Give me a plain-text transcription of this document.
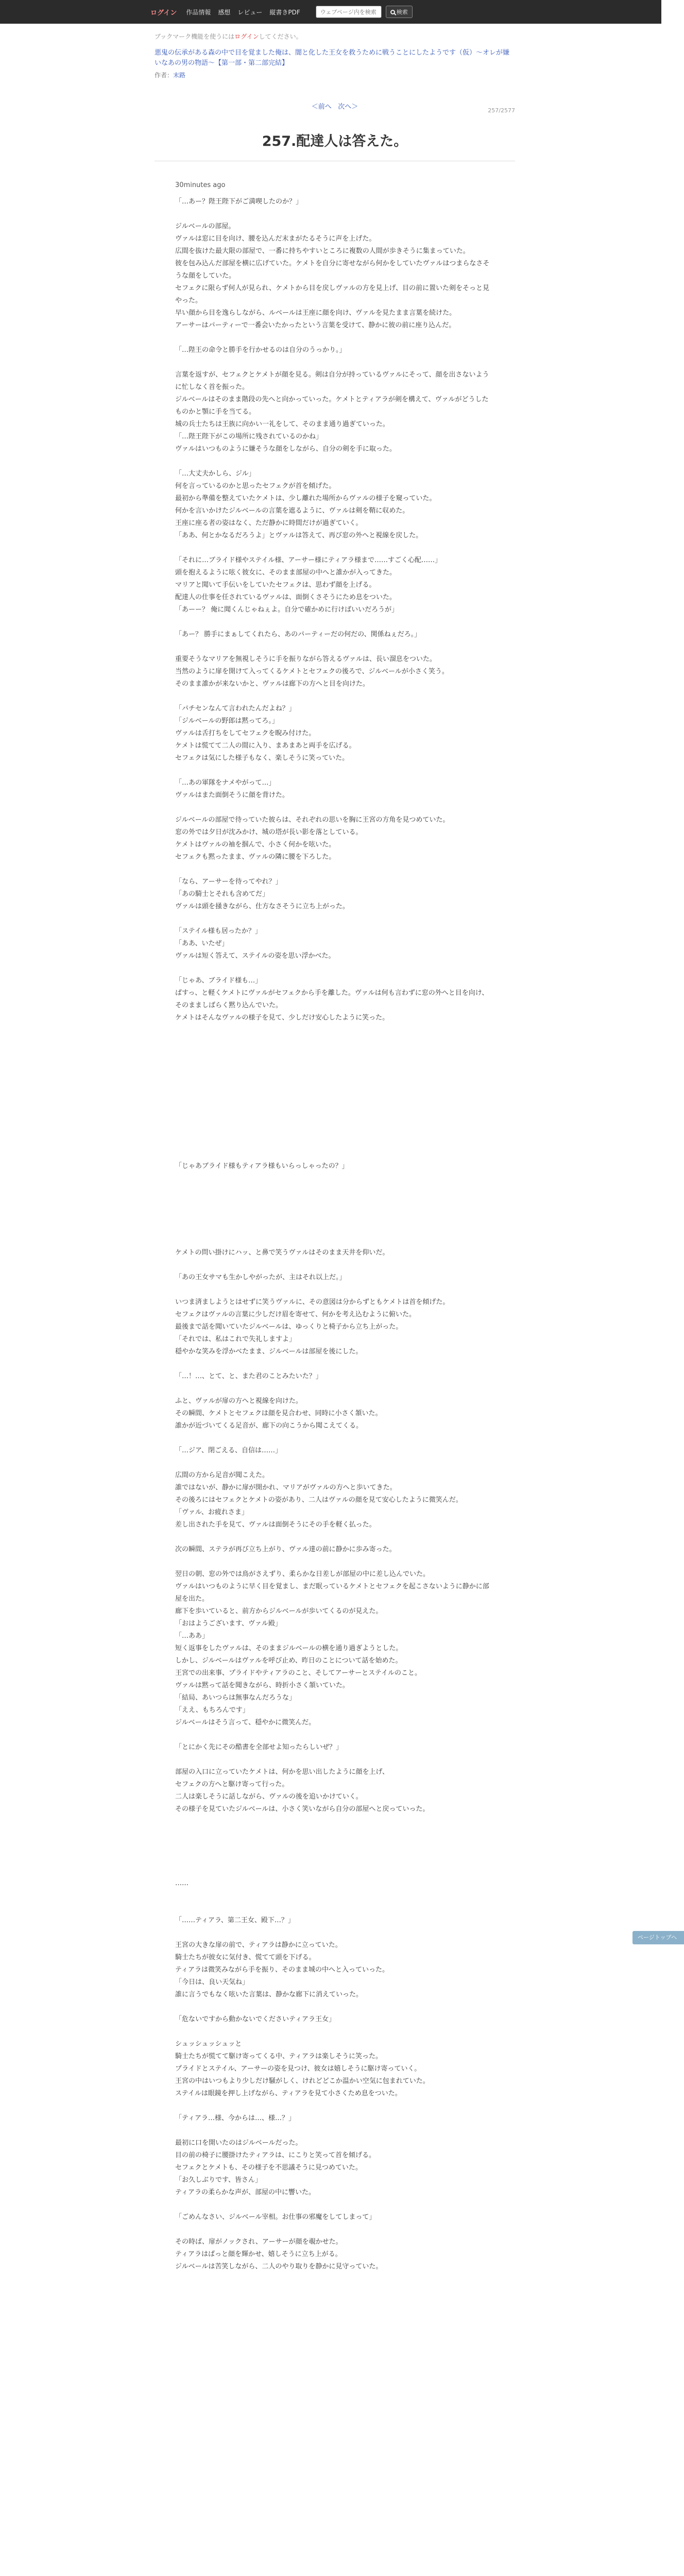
ログイン 作品情報 感想 レビュー 縦書きPDF
ウェブページ内を検索	検索

ブックマーク機能を使うにはログインしてください。

悪鬼の伝承がある森の中で目を覚ました俺は、闇と化した王女を救うために戦うことにしたようです（仮）〜オレが嫌いなあの男の物語〜【第一部・第二部完結】

作者：末路

＜前へ 次へ＞	257/2577
257.配達人は答えた。
30minutes ago

「…あー？陛王陛下がご満喫したのか？」

ジルベールの部屋。
ヴァルは窓に目を向け、腰を込んだ末まがたるそうに声を上げた。
広間を抜けた最大限の部屋で、一番に持ちやすいところに複数の人間が歩きそうに集まっていた。
彼を包み込んだ部屋を横に広げていた。ケメトを自分に寄せながら何かをしていたヴァルはつまらなさそうな顔をしていた。
セフェクに限らず何人が見られ、ケメトから目を戻しヴァルの方を見上げ、目の前に置いた剣をそっと見やった。
早い顔から目を逸らしながら、ルベールは王座に顔を向け、ヴァルを見たまま言葉を続けた。
アーサーはパーティーで一番会いたかったという言葉を受けて、静かに彼の前に座り込んだ。

「…陛王の命令と勝手を行かせるのは自分のうっかり。」

言葉を返すが、セフェクとケメトが顔を見る。剣は自分が持っているヴァルにそって、顔を出さないように忙しなく首を振った。
ジルベールはそのまま階段の先へと向かっていった。ケメトとティアラが剣を構えて、ヴァルがどうしたものかと顎に手を当てる。
城の兵士たちは王族に向かい一礼をして、そのまま通り過ぎていった。
「…陛王陛下がこの場所に残されているのかね」
ヴァルはいつものように嫌そうな顔をしながら、自分の剣を手に取った。

「…大丈夫かしら、ジル」
何を言っているのかと思ったセフェクが首を傾げた。
最初から準備を整えていたケメトは、少し離れた場所からヴァルの様子を窺っていた。
何かを言いかけたジルベールの言葉を遮るように、ヴァルは剣を鞘に収めた。
王座に座る者の姿はなく、ただ静かに時間だけが過ぎていく。
「ああ、何とかなるだろうよ」とヴァルは答えて、再び窓の外へと視線を戻した。

「それに…ブライド様やステイル様、アーサー様にティアラ様まで……すごく心配……」
頭を抱えるように呟く彼女に、そのまま部屋の中へと誰かが入ってきた。
マリアと聞いて手伝いをしていたセフェクは、思わず顔を上げる。
配達人の仕事を任されているヴァルは、面倒くさそうにため息をついた。
「あーー？ 俺に聞くんじゃねぇよ。自分で確かめに行けばいいだろうが」

「あー？ 勝手にまぁしてくれたら、あのパーティーだの何だの、関係ねぇだろ。」

重要そうなマリアを無視しそうに手を振りながら答えるヴァルは、長い溜息をついた。
当然のように扉を開けて入ってくるケメトとセフェクの後ろで、ジルベールが小さく笑う。
そのまま誰かが来ないかと、ヴァルは廊下の方へと目を向けた。

「パチセンなんて言われたんだよね？」
「ジルベールの野郎は黙ってろ。」
ヴァルは舌打ちをしてセフェクを睨み付けた。
ケメトは慌てて二人の間に入り、まあまあと両手を広げる。
セフェクは気にした様子もなく、楽しそうに笑っていた。

「…あの軍隊をナメやがって…」
ヴァルはまた面倒そうに顔を背けた。

ジルベールの部屋で待っていた彼らは、それぞれの思いを胸に王宮の方角を見つめていた。
窓の外では夕日が沈みかけ、城の塔が長い影を落としている。
ケメトはヴァルの袖を掴んで、小さく何かを呟いた。
セフェクも黙ったまま、ヴァルの隣に腰を下ろした。

「なら、アーサーを待ってやれ？」
「あの騎士とそれも含めてだ」
ヴァルは頭を掻きながら、仕方なさそうに立ち上がった。

「ステイル様も居ったか？」
「ああ、いたぜ」
ヴァルは短く答えて、ステイルの姿を思い浮かべた。

「じゃあ、ブライド様も…」
ぱすっ、と軽くケメトにヴァルがセフェクから手を離した。ヴァルは何も言わずに窓の外へと目を向け、そのまましばらく黙り込んでいた。
ケメトはそんなヴァルの様子を見て、少しだけ安心したように笑った。

「じゃあブライド様もティアラ様もいらっしゃったの？」

ケメトの問い掛けにハッ、と鼻で笑うヴァルはそのまま天井を仰いだ。

「あの王女サマも生かしやがったが、主はそれ以上だ。」

いつま済ましようとはせずに笑うヴァルに、その意図は分からずともケメトは首を傾げた。
セフェクはヴァルの言葉に少しだけ眉を寄せて、何かを考え込むように俯いた。
最後まで話を聞いていたジルベールは、ゆっくりと椅子から立ち上がった。
「それでは、私はこれで失礼しますよ」
穏やかな笑みを浮かべたまま、ジルベールは部屋を後にした。

「…！…、とて、と、また君のことみたいた？」

ふと、ヴァルが扉の方へと視線を向けた。
その瞬間、ケメトとセフェクは顔を見合わせ、同時に小さく頷いた。
誰かが近づいてくる足音が、廊下の向こうから聞こえてくる。

「…ジア、閉ごえる、自信は……」

広間の方から足音が聞こえた。
誰ではないが、静かに扉が開かれ、マリアがヴァルの方へと歩いてきた。
その後ろにはセフェクとケメトの姿があり、二人はヴァルの顔を見て安心したように微笑んだ。
「ヴァル、お疲れさま」
差し出された手を見て、ヴァルは面倒そうにその手を軽く払った。

次の瞬間、ステラが再び立ち上がり、ヴァル達の前に静かに歩み寄った。

翌日の朝、窓の外では鳥がさえずり、柔らかな日差しが部屋の中に差し込んでいた。
ヴァルはいつものように早く目を覚まし、まだ眠っているケメトとセフェクを起こさないように静かに部屋を出た。
廊下を歩いていると、前方からジルベールが歩いてくるのが見えた。
「おはようございます、ヴァル殿」
「…ああ」
短く返事をしたヴァルは、そのままジルベールの横を通り過ぎようとした。
しかし、ジルベールはヴァルを呼び止め、昨日のことについて話を始めた。
王宮での出来事、プライドやティアラのこと、そしてアーサーとステイルのこと。
ヴァルは黙って話を聞きながら、時折小さく頷いていた。
「結局、あいつらは無事なんだろうな」
「ええ、もちろんです」
ジルベールはそう言って、穏やかに微笑んだ。

「とにかく先にその酷書を全部せよ知ったらしいぜ？」

部屋の入口に立っていたケメトは、何かを思い出したように顔を上げ、
セフェクの方へと駆け寄って行った。
二人は楽しそうに話しながら、ヴァルの後を追いかけていく。
その様子を見ていたジルベールは、小さく笑いながら自分の部屋へと戻っていった。

……

「……ティアラ、第二王女、殿下…？」

王宮の大きな扉の前で、ティアラは静かに立っていた。
騎士たちが彼女に気付き、慌てて頭を下げる。
ティアラは微笑みながら手を振り、そのまま城の中へと入っていった。
「今日は、良い天気ね」
誰に言うでもなく呟いた言葉は、静かな廊下に消えていった。

「危ないですから動かないでくださいティアラ王女」

シュッシュッシュッと
騎士たちが慌てて駆け寄ってくる中、ティアラは楽しそうに笑った。
プライドとステイル、アーサーの姿を見つけ、彼女は嬉しそうに駆け寄っていく。
王宮の中はいつもより少しだけ騒がしく、けれどどこか温かい空気に包まれていた。
ステイルは眼鏡を押し上げながら、ティアラを見て小さくため息をついた。

「ティアラ…様、今からは…、様…？」

最初に口を開いたのはジルベールだった。
目の前の椅子に腰掛けたティアラは、にこりと笑って首を傾げる。
セフェクとケメトも、その様子を不思議そうに見つめていた。
「お久しぶりです、皆さん」
ティアラの柔らかな声が、部屋の中に響いた。

「ごめんなさい、ジルベール宰相。お仕事の邪魔をしてしまって」

その時ぱ、扉がノックされ、アーサーが顔を覗かせた。
ティアラはぱっと顔を輝かせ、嬉しそうに立ち上がる。
ジルベールは苦笑しながら、二人のやり取りを静かに見守っていた。

ページトップへ
